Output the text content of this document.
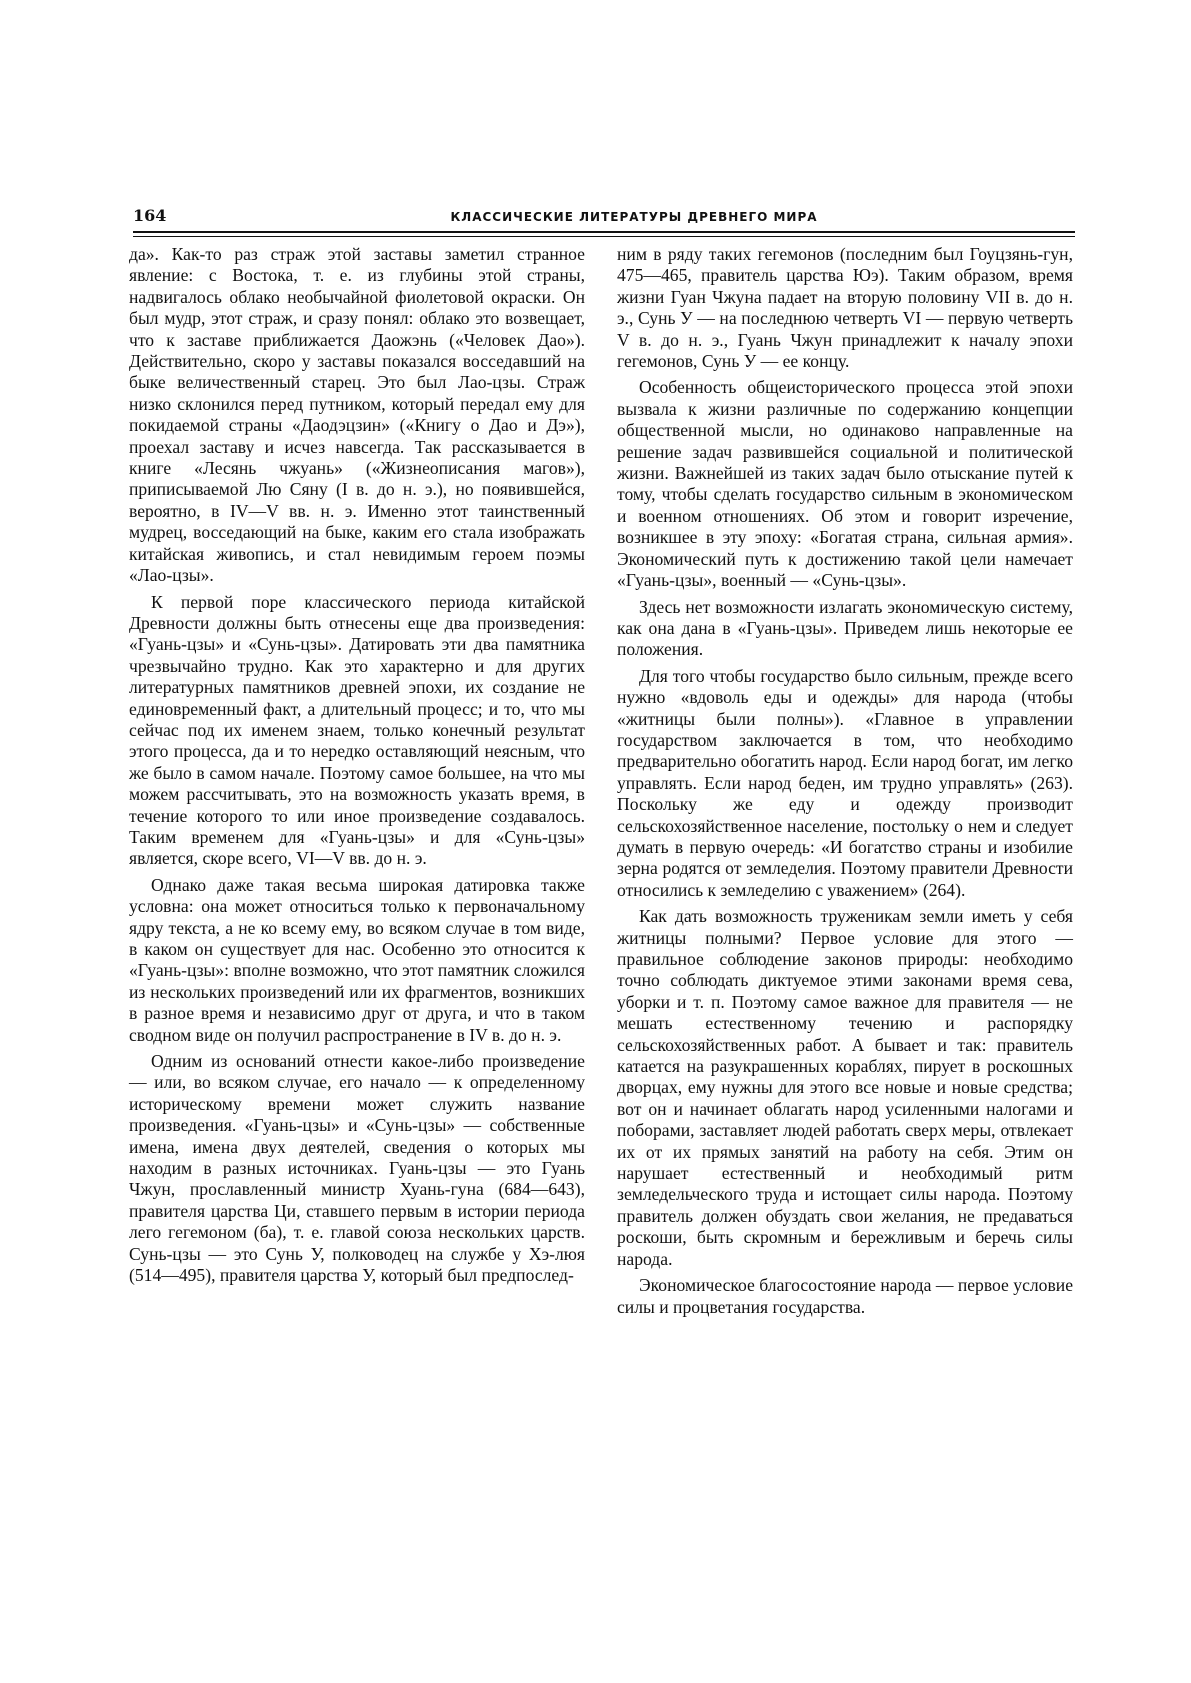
164	КЛАССИЧЕСКИЕ ЛИТЕРАТУРЫ ДРЕВНЕГО МИРА

да». Как-то раз страж этой заставы заметил странное явление: с Востока, т. е. из глубины этой страны, надвигалось облако необычайной фиолетовой окраски. Он был мудр, этот страж, и сразу понял: облако это возвещает, что к заставе приближается Даожэнь («Человек Дао»). Действительно, скоро у заставы показался восседавший на быке величественный старец. Это был Лао-цзы. Страж низко склонился перед путником, который передал ему для покидаемой страны «Даодэцзин» («Книгу о Дао и Дэ»), проехал заставу и исчез навсегда. Так рассказывается в книге «Лесянь чжуань» («Жизнеописания магов»), приписываемой Лю Сяну (I в. до н. э.), но появившейся, вероятно, в IV—V вв. н. э. Именно этот таинственный мудрец, восседающий на быке, каким его стала изображать китайская живопись, и стал невидимым героем поэмы «Лао-цзы».

К первой поре классического периода китайской Древности должны быть отнесены еще два произведения: «Гуань-цзы» и «Сунь-цзы». Датировать эти два памятника чрезвычайно трудно. Как это характерно и для других литературных памятников древней эпохи, их создание не единовременный факт, а длительный процесс; и то, что мы сейчас под их именем знаем, только конечный результат этого процесса, да и то нередко оставляющий неясным, что же было в самом начале. Поэтому самое большее, на что мы можем рассчитывать, это на возможность указать время, в течение которого то или иное произведение создавалось. Таким временем для «Гуань-цзы» и для «Сунь-цзы» является, скоре всего, VI—V вв. до н. э.

Однако даже такая весьма широкая датировка также условна: она может относиться только к первоначальному ядру текста, а не ко всему ему, во всяком случае в том виде, в каком он существует для нас. Особенно это относится к «Гуань-цзы»: вполне возможно, что этот памятник сложился из нескольких произведений или их фрагментов, возникших в разное время и независимо друг от друга, и что в таком сводном виде он получил распространение в IV в. до н. э.

Одним из оснований отнести какое-либо произведение — или, во всяком случае, его начало — к определенному историческому времени может служить название произведения. «Гуань-цзы» и «Сунь-цзы» — собственные имена, имена двух деятелей, сведения о которых мы находим в разных источниках. Гуань-цзы — это Гуань Чжун, прославленный министр Хуань-гуна (684—643), правителя царства Ци, ставшего первым в истории периода лего гегемоном (ба), т. е. главой союза нескольких царств. Сунь-цзы — это Сунь У, полководец на службе у Хэ-люя (514—495), правителя царства У, который был предпослед-

ним в ряду таких гегемонов (последним был Гоуцзянь-гун, 475—465, правитель царства Юэ). Таким образом, время жизни Гуан Чжуна падает на вторую половину VII в. до н. э., Сунь У — на последнюю четверть VI — первую четверть V в. до н. э., Гуань Чжун принадлежит к началу эпохи гегемонов, Сунь У — ее концу.

Особенность общеисторического процесса этой эпохи вызвала к жизни различные по содержанию концепции общественной мысли, но одинаково направленные на решение задач развившейся социальной и политической жизни. Важнейшей из таких задач было отыскание путей к тому, чтобы сделать государство сильным в экономическом и военном отношениях. Об этом и говорит изречение, возникшее в эту эпоху: «Богатая страна, сильная армия». Экономический путь к достижению такой цели намечает «Гуань-цзы», военный — «Сунь-цзы».

Здесь нет возможности излагать экономическую систему, как она дана в «Гуань-цзы». Приведем лишь некоторые ее положения.

Для того чтобы государство было сильным, прежде всего нужно «вдоволь еды и одежды» для народа (чтобы «житницы были полны»). «Главное в управлении государством заключается в том, что необходимо предварительно обогатить народ. Если народ богат, им легко управлять. Если народ беден, им трудно управлять» (263). Поскольку же еду и одежду производит сельскохозяйственное население, постольку о нем и следует думать в первую очередь: «И богатство страны и изобилие зерна родятся от земледелия. Поэтому правители Древности относились к земледелию с уважением» (264).

Как дать возможность труженикам земли иметь у себя житницы полными? Первое условие для этого — правильное соблюдение законов природы: необходимо точно соблюдать диктуемое этими законами время сева, уборки и т. п. Поэтому самое важное для правителя — не мешать естественному течению и распорядку сельскохозяйственных работ. А бывает и так: правитель катается на разукрашенных кораблях, пирует в роскошных дворцах, ему нужны для этого все новые и новые средства; вот он и начинает облагать народ усиленными налогами и поборами, заставляет людей работать сверх меры, отвлекает их от их прямых занятий на работу на себя. Этим он нарушает естественный и необходимый ритм земледельческого труда и истощает силы народа. Поэтому правитель должен обуздать свои желания, не предаваться роскоши, быть скромным и бережливым и беречь силы народа.

Экономическое благосостояние народа — первое условие силы и процветания государства.
